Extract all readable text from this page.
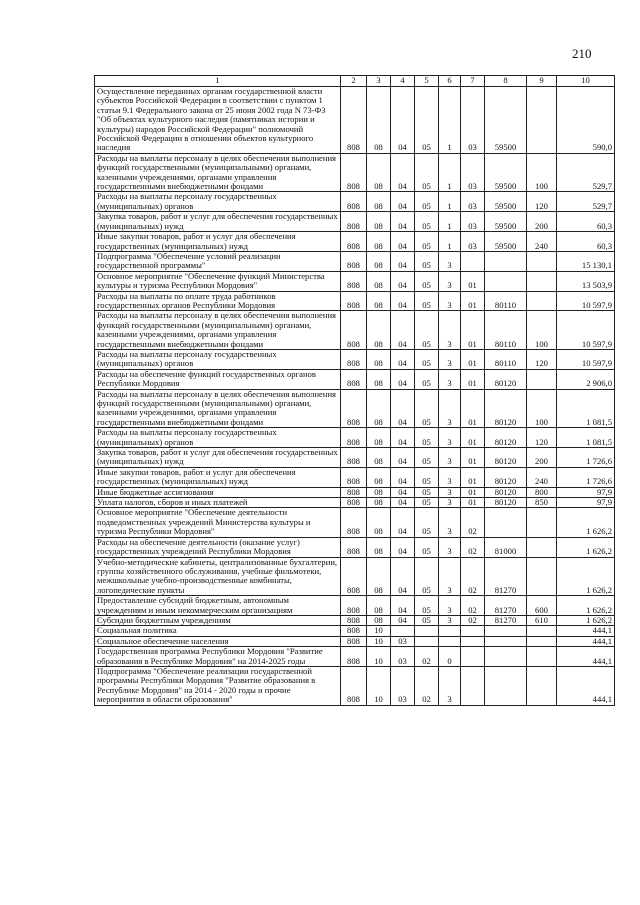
210
1	2	3	4	5	6	7	8	9	10
Осуществление переданных органам государственной власти субъектов Российской Федерации в соответствии с пунктом 1 статьи 9.1 Федерального закона от 25 июня 2002 года N 73-ФЗ "Об объектах культурного наследия (памятниках истории и культуры) народов Российской Федерации" полномочий Российской Федерации в отношении объектов культурного наследия	808	08	04	05	1	03	59500		590,0
Расходы на выплаты персоналу в целях обеспечения выполнения функций государственными (муниципальными) органами, казенными учреждениями, органами управления государственными внебюджетными фондами	808	08	04	05	1	03	59500	100	529,7
Расходы на выплаты персоналу государственных (муниципальных) органов	808	08	04	05	1	03	59500	120	529,7
Закупка товаров, работ и услуг для обеспечения государственных (муниципальных) нужд	808	08	04	05	1	03	59500	200	60,3
Иные закупки товаров, работ и услуг для обеспечения государственных (муниципальных) нужд	808	08	04	05	1	03	59500	240	60,3
Подпрограмма "Обеспечение условий реализации государственной программы"	808	08	04	05	3				15 130,1
Основное мероприятие "Обеспечение функций Министерства культуры и туризма Республики Мордовия"	808	08	04	05	3	01			13 503,9
Расходы на выплаты по оплате труда работников государственных органов Республики Мордовия	808	08	04	05	3	01	80110		10 597,9
Расходы на выплаты персоналу в целях обеспечения выполнения функций государственными (муниципальными) органами, казенными учреждениями, органами управления государственными внебюджетными фондами	808	08	04	05	3	01	80110	100	10 597,9
Расходы на выплаты персоналу государственных (муниципальных) органов	808	08	04	05	3	01	80110	120	10 597,9
Расходы на обеспечение функций государственных органов Республики Мордовия	808	08	04	05	3	01	80120		2 906,0
Расходы на выплаты персоналу в целях обеспечения выполнения функций государственными (муниципальными) органами, казенными учреждениями, органами управления государственными внебюджетными фондами	808	08	04	05	3	01	80120	100	1 081,5
Расходы на выплаты персоналу государственных (муниципальных) органов	808	08	04	05	3	01	80120	120	1 081,5
Закупка товаров, работ и услуг для обеспечения государственных (муниципальных) нужд	808	08	04	05	3	01	80120	200	1 726,6
Иные закупки товаров, работ и услуг для обеспечения государственных (муниципальных) нужд	808	08	04	05	3	01	80120	240	1 726,6
Иные бюджетные ассигнования	808	08	04	05	3	01	80120	800	97,9
Уплата налогов, сборов и иных платежей	808	08	04	05	3	01	80120	850	97,9
Основное мероприятие "Обеспечение деятельности подведомственных учреждений Министерства культуры и туризма Республики Мордовия"	808	08	04	05	3	02			1 626,2
Расходы на обеспечение деятельности (оказание услуг) государственных учреждений Республики Мордовия	808	08	04	05	3	02	81000		1 626,2
Учебно-методические кабинеты, централизованные бухгалтерии, группы хозяйственного обслуживания, учебные фильмотеки, межшкольные учебно-производственные комбинаты, логопедические пункты	808	08	04	05	3	02	81270		1 626,2
Предоставление субсидий бюджетным, автономным учреждениям и иным некоммерческим организациям	808	08	04	05	3	02	81270	600	1 626,2
Субсидии бюджетным учреждениям	808	08	04	05	3	02	81270	610	1 626,2
Социальная политика	808	10							444,1
Социальное обеспечение населения	808	10	03						444,1
Государственная программа Республики Мордовия "Развитие образования в Республике Мордовия" на 2014-2025 годы	808	10	03	02	0				444,1
Подпрограмма "Обеспечение реализации государственной программы Республики Мордовия "Развитие образования в Республике Мордовия" на 2014 - 2020 годы и прочие мероприятия в области образования"	808	10	03	02	3				444,1
